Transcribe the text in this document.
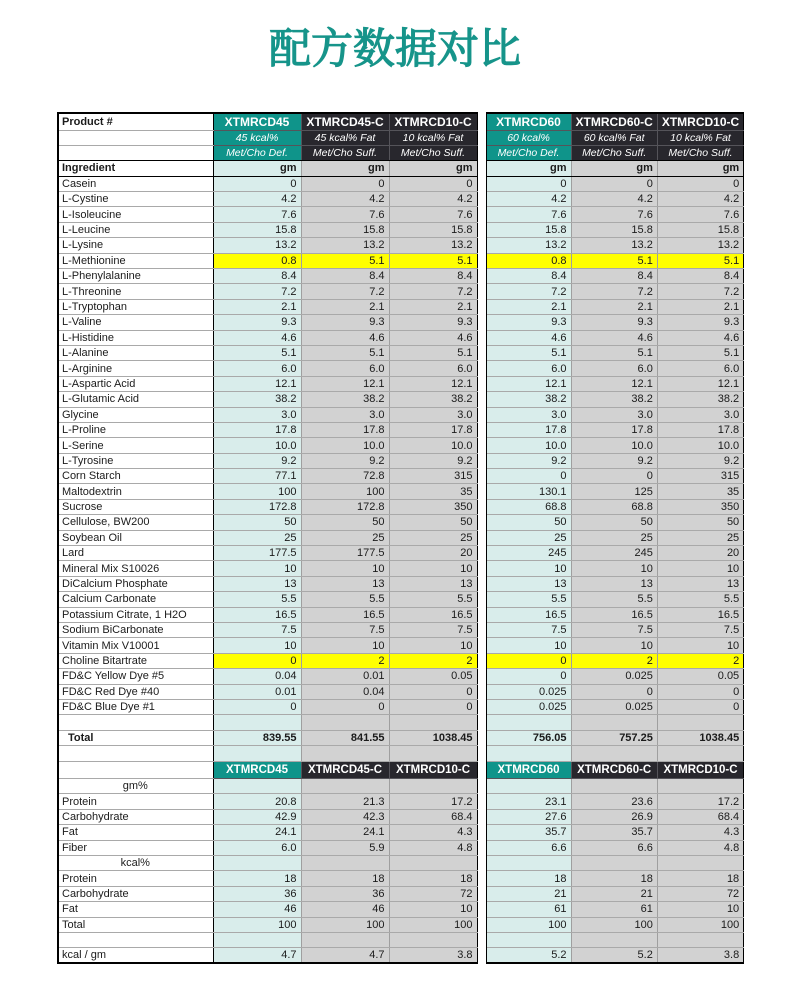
配方数据对比
Product #	XTMRCD45	XTMRCD45-C	XTMRCD10-C		XTMRCD60	XTMRCD60-C	XTMRCD10-C
	45 kcal%	45 kcal% Fat	10 kcal% Fat		60 kcal%	60 kcal% Fat	10 kcal% Fat
	Met/Cho Def.	Met/Cho Suff.	Met/Cho Suff.		Met/Cho Def.	Met/Cho Suff.	Met/Cho Suff.
Ingredient	gm	gm	gm		gm	gm	gm
Casein	0	0	0		0	0	0
L-Cystine	4.2	4.2	4.2		4.2	4.2	4.2
L-Isoleucine	7.6	7.6	7.6		7.6	7.6	7.6
L-Leucine	15.8	15.8	15.8		15.8	15.8	15.8
L-Lysine	13.2	13.2	13.2		13.2	13.2	13.2
L-Methionine	0.8	5.1	5.1		0.8	5.1	5.1
L-Phenylalanine	8.4	8.4	8.4		8.4	8.4	8.4
L-Threonine	7.2	7.2	7.2		7.2	7.2	7.2
L-Tryptophan	2.1	2.1	2.1		2.1	2.1	2.1
L-Valine	9.3	9.3	9.3		9.3	9.3	9.3
L-Histidine	4.6	4.6	4.6		4.6	4.6	4.6
L-Alanine	5.1	5.1	5.1		5.1	5.1	5.1
L-Arginine	6.0	6.0	6.0		6.0	6.0	6.0
L-Aspartic Acid	12.1	12.1	12.1		12.1	12.1	12.1
L-Glutamic Acid	38.2	38.2	38.2		38.2	38.2	38.2
Glycine	3.0	3.0	3.0		3.0	3.0	3.0
L-Proline	17.8	17.8	17.8		17.8	17.8	17.8
L-Serine	10.0	10.0	10.0		10.0	10.0	10.0
L-Tyrosine	9.2	9.2	9.2		9.2	9.2	9.2
Corn Starch	77.1	72.8	315		0	0	315
Maltodextrin	100	100	35		130.1	125	35
Sucrose	172.8	172.8	350		68.8	68.8	350
Cellulose, BW200	50	50	50		50	50	50
Soybean Oil	25	25	25		25	25	25
Lard	177.5	177.5	20		245	245	20
Mineral Mix S10026	10	10	10		10	10	10
DiCalcium Phosphate	13	13	13		13	13	13
Calcium Carbonate	5.5	5.5	5.5		5.5	5.5	5.5
Potassium Citrate, 1 H2O	16.5	16.5	16.5		16.5	16.5	16.5
Sodium BiCarbonate	7.5	7.5	7.5		7.5	7.5	7.5
Vitamin Mix V10001	10	10	10		10	10	10
Choline Bitartrate	0	2	2		0	2	2
FD&C Yellow Dye #5	0.04	0.01	0.05		0	0.025	0.05
FD&C Red Dye #40	0.01	0.04	0		0.025	0	0
FD&C Blue Dye #1	0	0	0		0.025	0.025	0

Total	839.55	841.55	1038.45		756.05	757.25	1038.45

	XTMRCD45	XTMRCD45-C	XTMRCD10-C		XTMRCD60	XTMRCD60-C	XTMRCD10-C
gm%							
Protein	20.8	21.3	17.2		23.1	23.6	17.2
Carbohydrate	42.9	42.3	68.4		27.6	26.9	68.4
Fat	24.1	24.1	4.3		35.7	35.7	4.3
Fiber	6.0	5.9	4.8		6.6	6.6	4.8
kcal%							
Protein	18	18	18		18	18	18
Carbohydrate	36	36	72		21	21	72
Fat	46	46	10		61	61	10
Total	100	100	100		100	100	100

kcal / gm	4.7	4.7	3.8		5.2	5.2	3.8
